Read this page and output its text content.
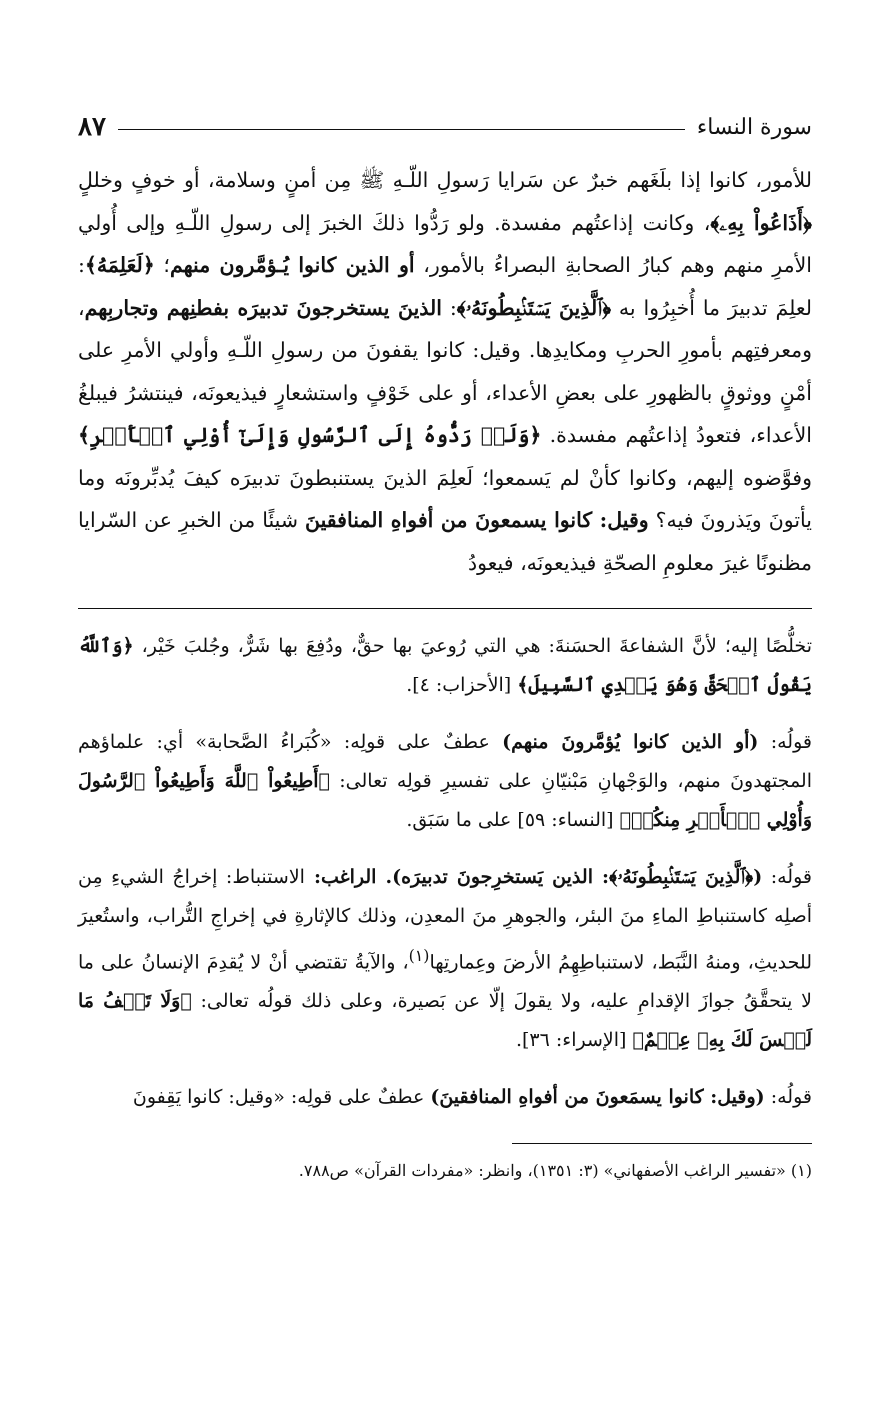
سورة النساء
٨٧

للأمور، كانوا إذا بلَغَهم خبرٌ عن سَرايا رَسولِ اللّـهِ ﷺ مِن أمنٍ وسلامة، أو خوفٍ وخللٍ ﴿أَذَاعُواْ بِهِۦ﴾، وكانت إذاعتُهم مفسدة. ولو رَدُّوا ذلكَ الخبرَ إلى رسولِ اللّـهِ وإلى أُولي الأمرِ منهم وهم كبارُ الصحابةِ البصراءُ بالأمور، أو الذين كانوا يُـؤمَّرون منهم؛ ﴿لَعَلِمَهُ﴾: لعلِمَ تدبيرَ ما أُخبِرُوا به ﴿ٱلَّذِينَ يَسۡتَنۢبِطُونَهُۥ﴾: الذينَ يستخرجونَ تدبيرَه بفطنِهم وتجاربِهم، ومعرفتِهم بأمورِ الحربِ ومكايدِها. وقيل: كانوا يقفونَ من رسولِ اللّـهِ وأولي الأمرِ على أمْنٍ ووثوقٍ بالظهورِ على بعضِ الأعداء، أو على خَوْفٍ واستشعارٍ فيذيعونَه، فينتشرُ فيبلغُ الأعداء، فتعودُ إذاعتُهم مفسدة. ﴿وَلَوۡ رَدُّوهُ إِلَى ٱلرَّسُولِ وَإِلَىٰٓ أُوْلِي ٱلۡأَمۡرِ﴾ وفوَّضوه إليهم، وكانوا كأنْ لم يَسمعوا؛ لَعلِمَ الذينَ يستنبطونَ تدبيرَه كيفَ يُدبِّرونَه وما يأتونَ ويَذرونَ فيه؟ وقيل: كانوا يسمعونَ من أفواهِ المنافقينَ شيئًا من الخبرِ عن السّرايا مظنونًا غيرَ معلومِ الصحّةِ فيذيعونَه، فيعودُ

تخلُّصًا إليه؛ لأنَّ الشفاعةَ الحسَنةَ: هي التي رُوعيَ بها حقٌّ، ودُفِعَ بها شَرٌّ، وجُلبَ خَيْر، ﴿وَٱللَّهُ يَقُولُ ٱلۡحَقَّ وَهُوَ يَهۡدِي ٱلسَّبِيلَ﴾ [الأحزاب: ٤].

قولُه: (أو الذين كانوا يُؤمَّرونَ منهم) عطفٌ على قولِه: «كُبَراءُ الصَّحابة» أي: علماؤهم المجتهدونَ منهم، والوَجْهانِ مَبْنيّانِ على تفسيرِ قولِه تعالى: ﴿أَطِيعُواْ ٱللَّهَ وَأَطِيعُواْ ٱلرَّسُولَ وَأُوْلِي ٱلۡأَمۡرِ مِنكُمۡ﴾ [النساء: ٥٩] على ما سَبَق.

قولُه: (﴿ٱلَّذِينَ يَسۡتَنۢبِطُونَهُۥ﴾: الذين يَستخرِجونَ تدبيرَه). الراغب: الاستنباط: إخراجُ الشيءِ مِن أصلِه كاستنباطِ الماءِ منَ البئر، والجوهرِ منَ المعدِن، وذلك كالإثارةِ في إخراجِ التُّراب، واستُعيرَ للحديثِ، ومنهُ النَّبَط، لاستنباطِهِمُ الأرضَ وعِمارتِها$^{(١)}$، والآيةُ تقتضي أنْ لا يُقدِمَ الإنسانُ على ما لا يتحقَّقُ جوازَ الإقدامِ عليه، ولا يقولَ إلّا عن بَصيرة، وعلى ذلك قولُه تعالى: ﴿وَلَا تَقۡفُ مَا لَيۡسَ لَكَ بِهِۦ عِلۡمٌ﴾ [الإسراء: ٣٦].

قولُه: (وقيل: كانوا يسمَعونَ من أفواهِ المنافقينَ) عطفٌ على قولِه: «وقيل: كانوا يَقِفونَ

(١) «تفسير الراغب الأصفهاني» (٣: ١٣٥١)، وانظر: «مفردات القرآن» ص٧٨٨.
